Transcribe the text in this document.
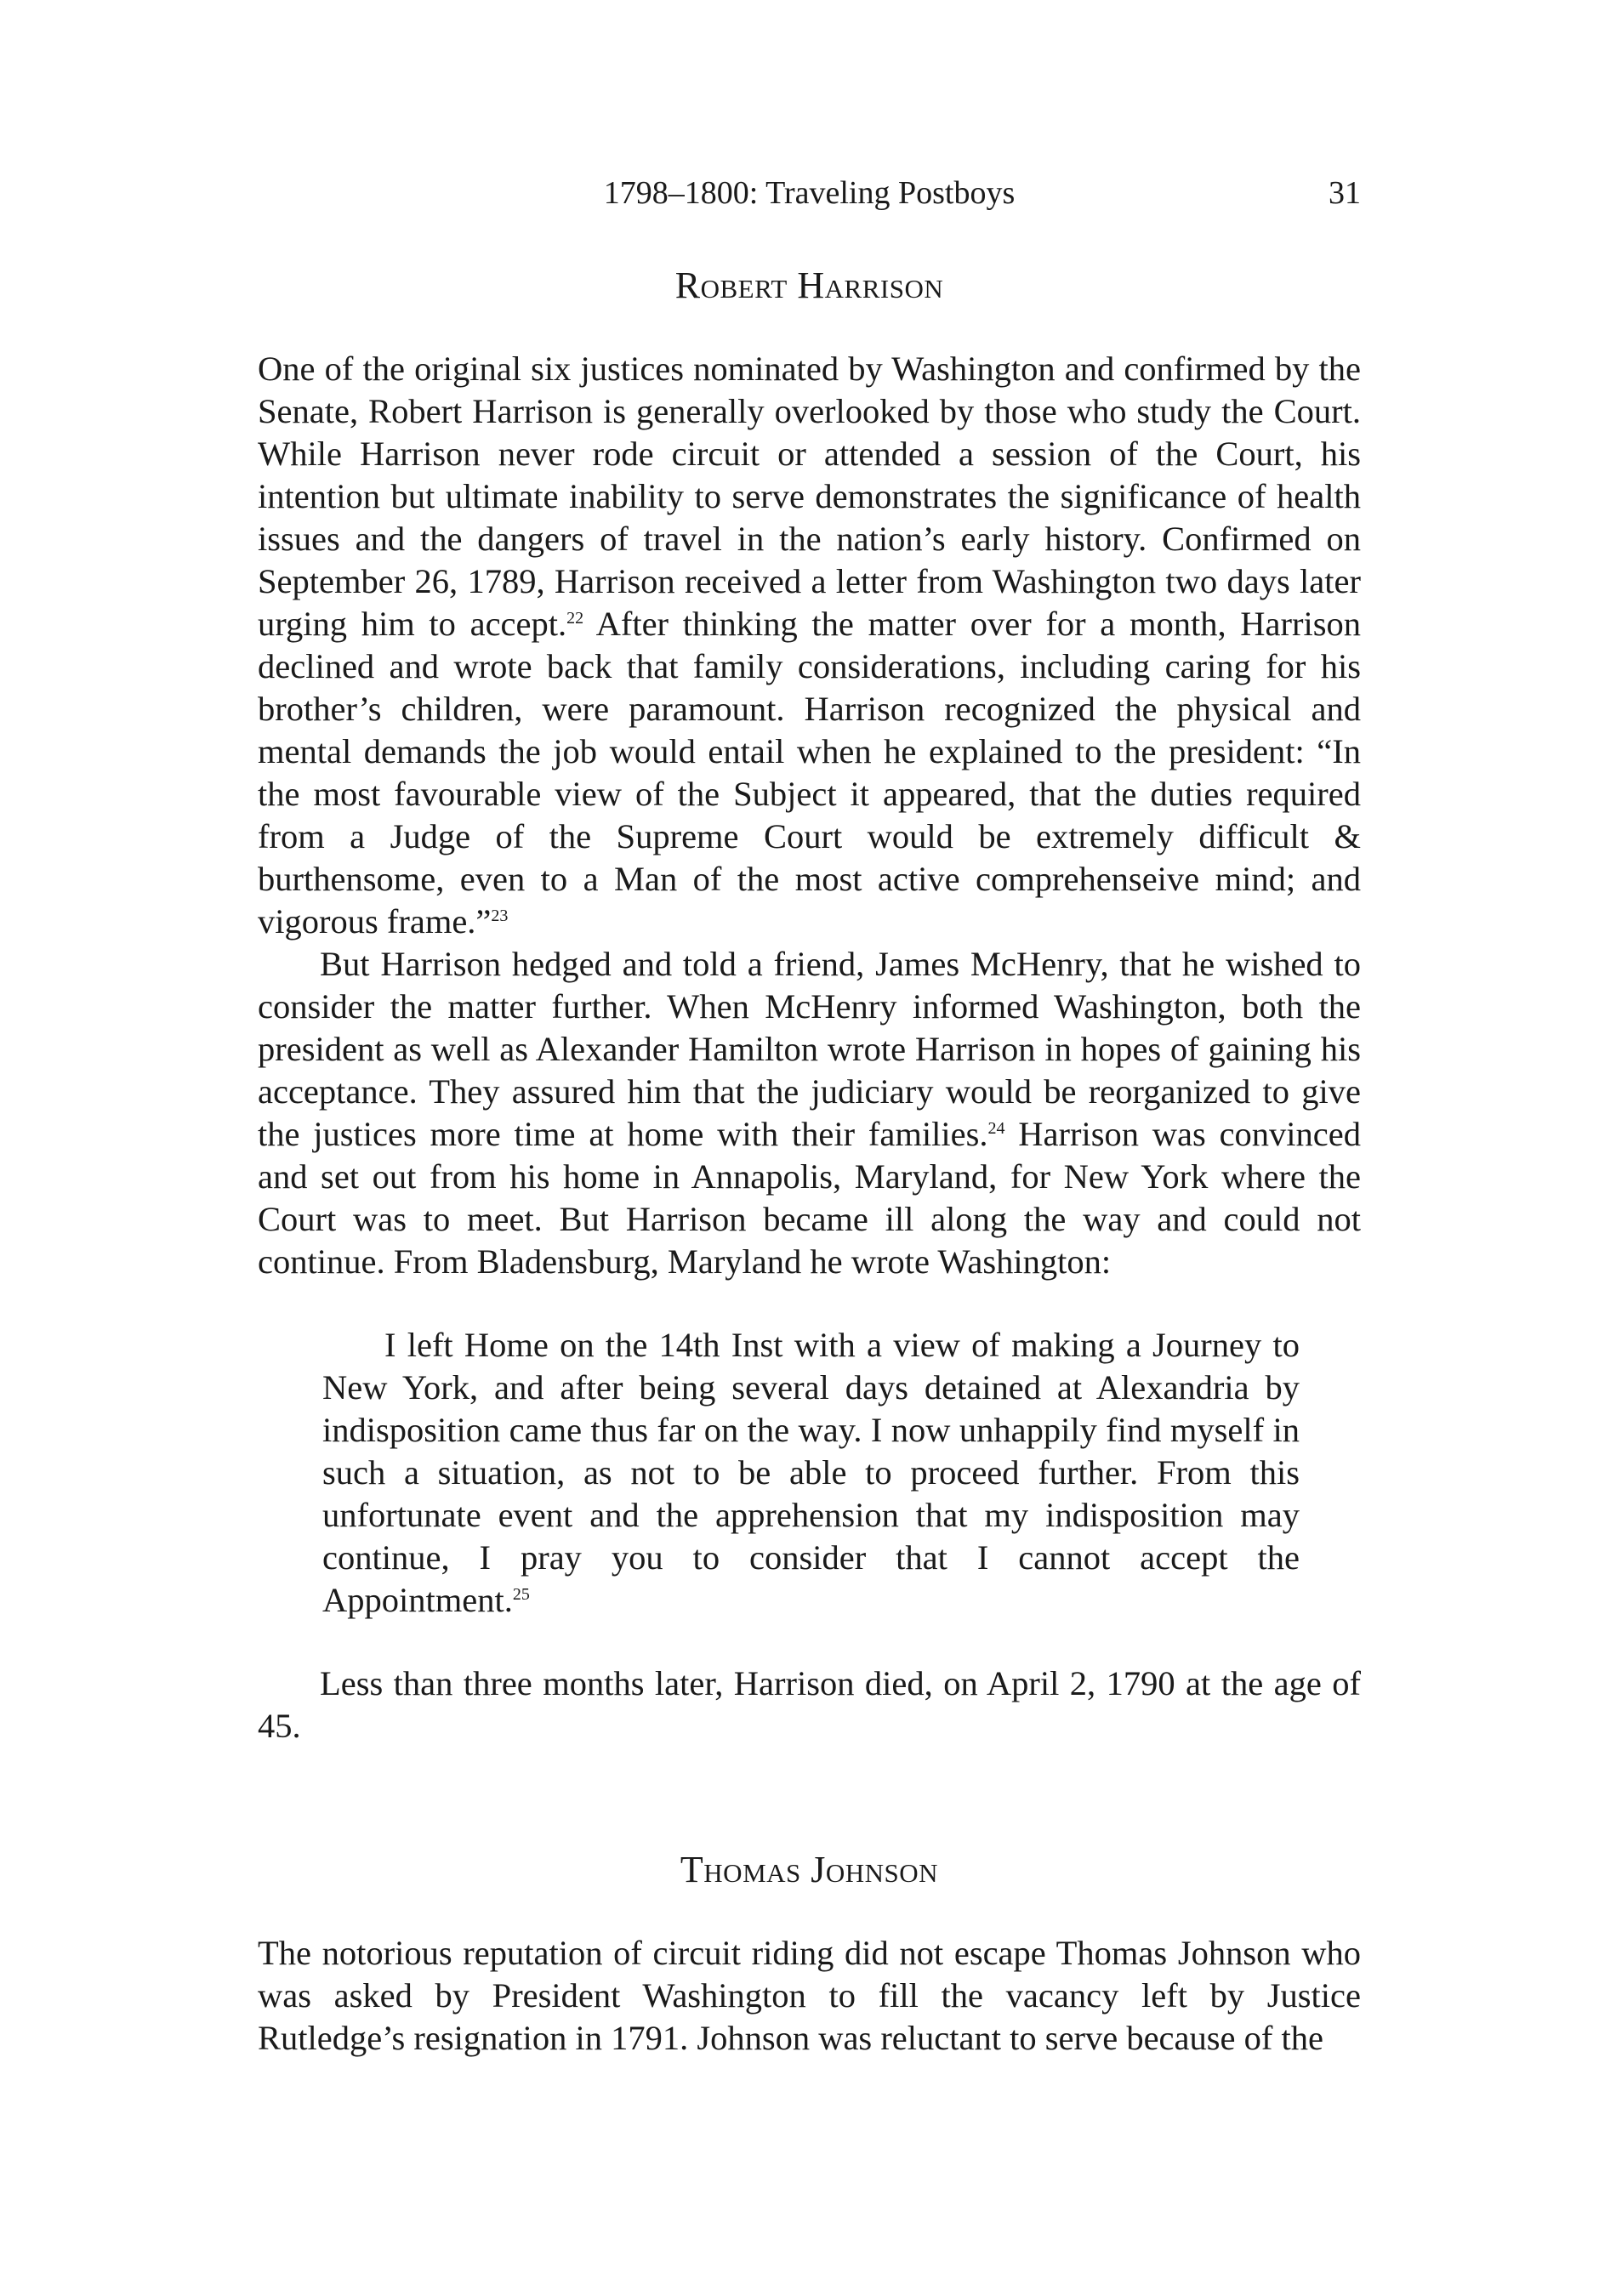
1798–1800: Traveling Postboys	31
Robert Harrison

One of the original six justices nominated by Washington and confirmed by the Senate, Robert Harrison is generally overlooked by those who study the Court. While Harrison never rode circuit or attended a session of the Court, his intention but ultimate inability to serve demonstrates the significance of health issues and the dangers of travel in the nation’s early history. Confirmed on September 26, 1789, Harrison received a letter from Washington two days later urging him to accept.$^{22}$ After thinking the matter over for a month, Harrison declined and wrote back that family considerations, including caring for his brother’s children, were paramount. Harrison recognized the physical and mental demands the job would entail when he explained to the president: “In the most favourable view of the Subject it appeared, that the duties required from a Judge of the Supreme Court would be extremely difficult & burthensome, even to a Man of the most active comprehenseive mind; and vigorous frame.”$^{23}$

But Harrison hedged and told a friend, James McHenry, that he wished to consider the matter further. When McHenry informed Washington, both the president as well as Alexander Hamilton wrote Harrison in hopes of gaining his acceptance. They assured him that the judiciary would be reorganized to give the justices more time at home with their families.$^{24}$ Harrison was convinced and set out from his home in Annapolis, Maryland, for New York where the Court was to meet. But Harrison became ill along the way and could not continue. From Bladensburg, Maryland he wrote Washington:

I left Home on the 14th Inst with a view of making a Journey to New York, and after being several days detained at Alexandria by indisposition came thus far on the way. I now unhappily find myself in such a situation, as not to be able to proceed further. From this unfortunate event and the apprehension that my indisposition may continue, I pray you to consider that I cannot accept the Appointment.$^{25}$

Less than three months later, Harrison died, on April 2, 1790 at the age of 45.

Thomas Johnson

The notorious reputation of circuit riding did not escape Thomas Johnson who was asked by President Washington to fill the vacancy left by Justice Rutledge’s resignation in 1791. Johnson was reluctant to serve because of the
